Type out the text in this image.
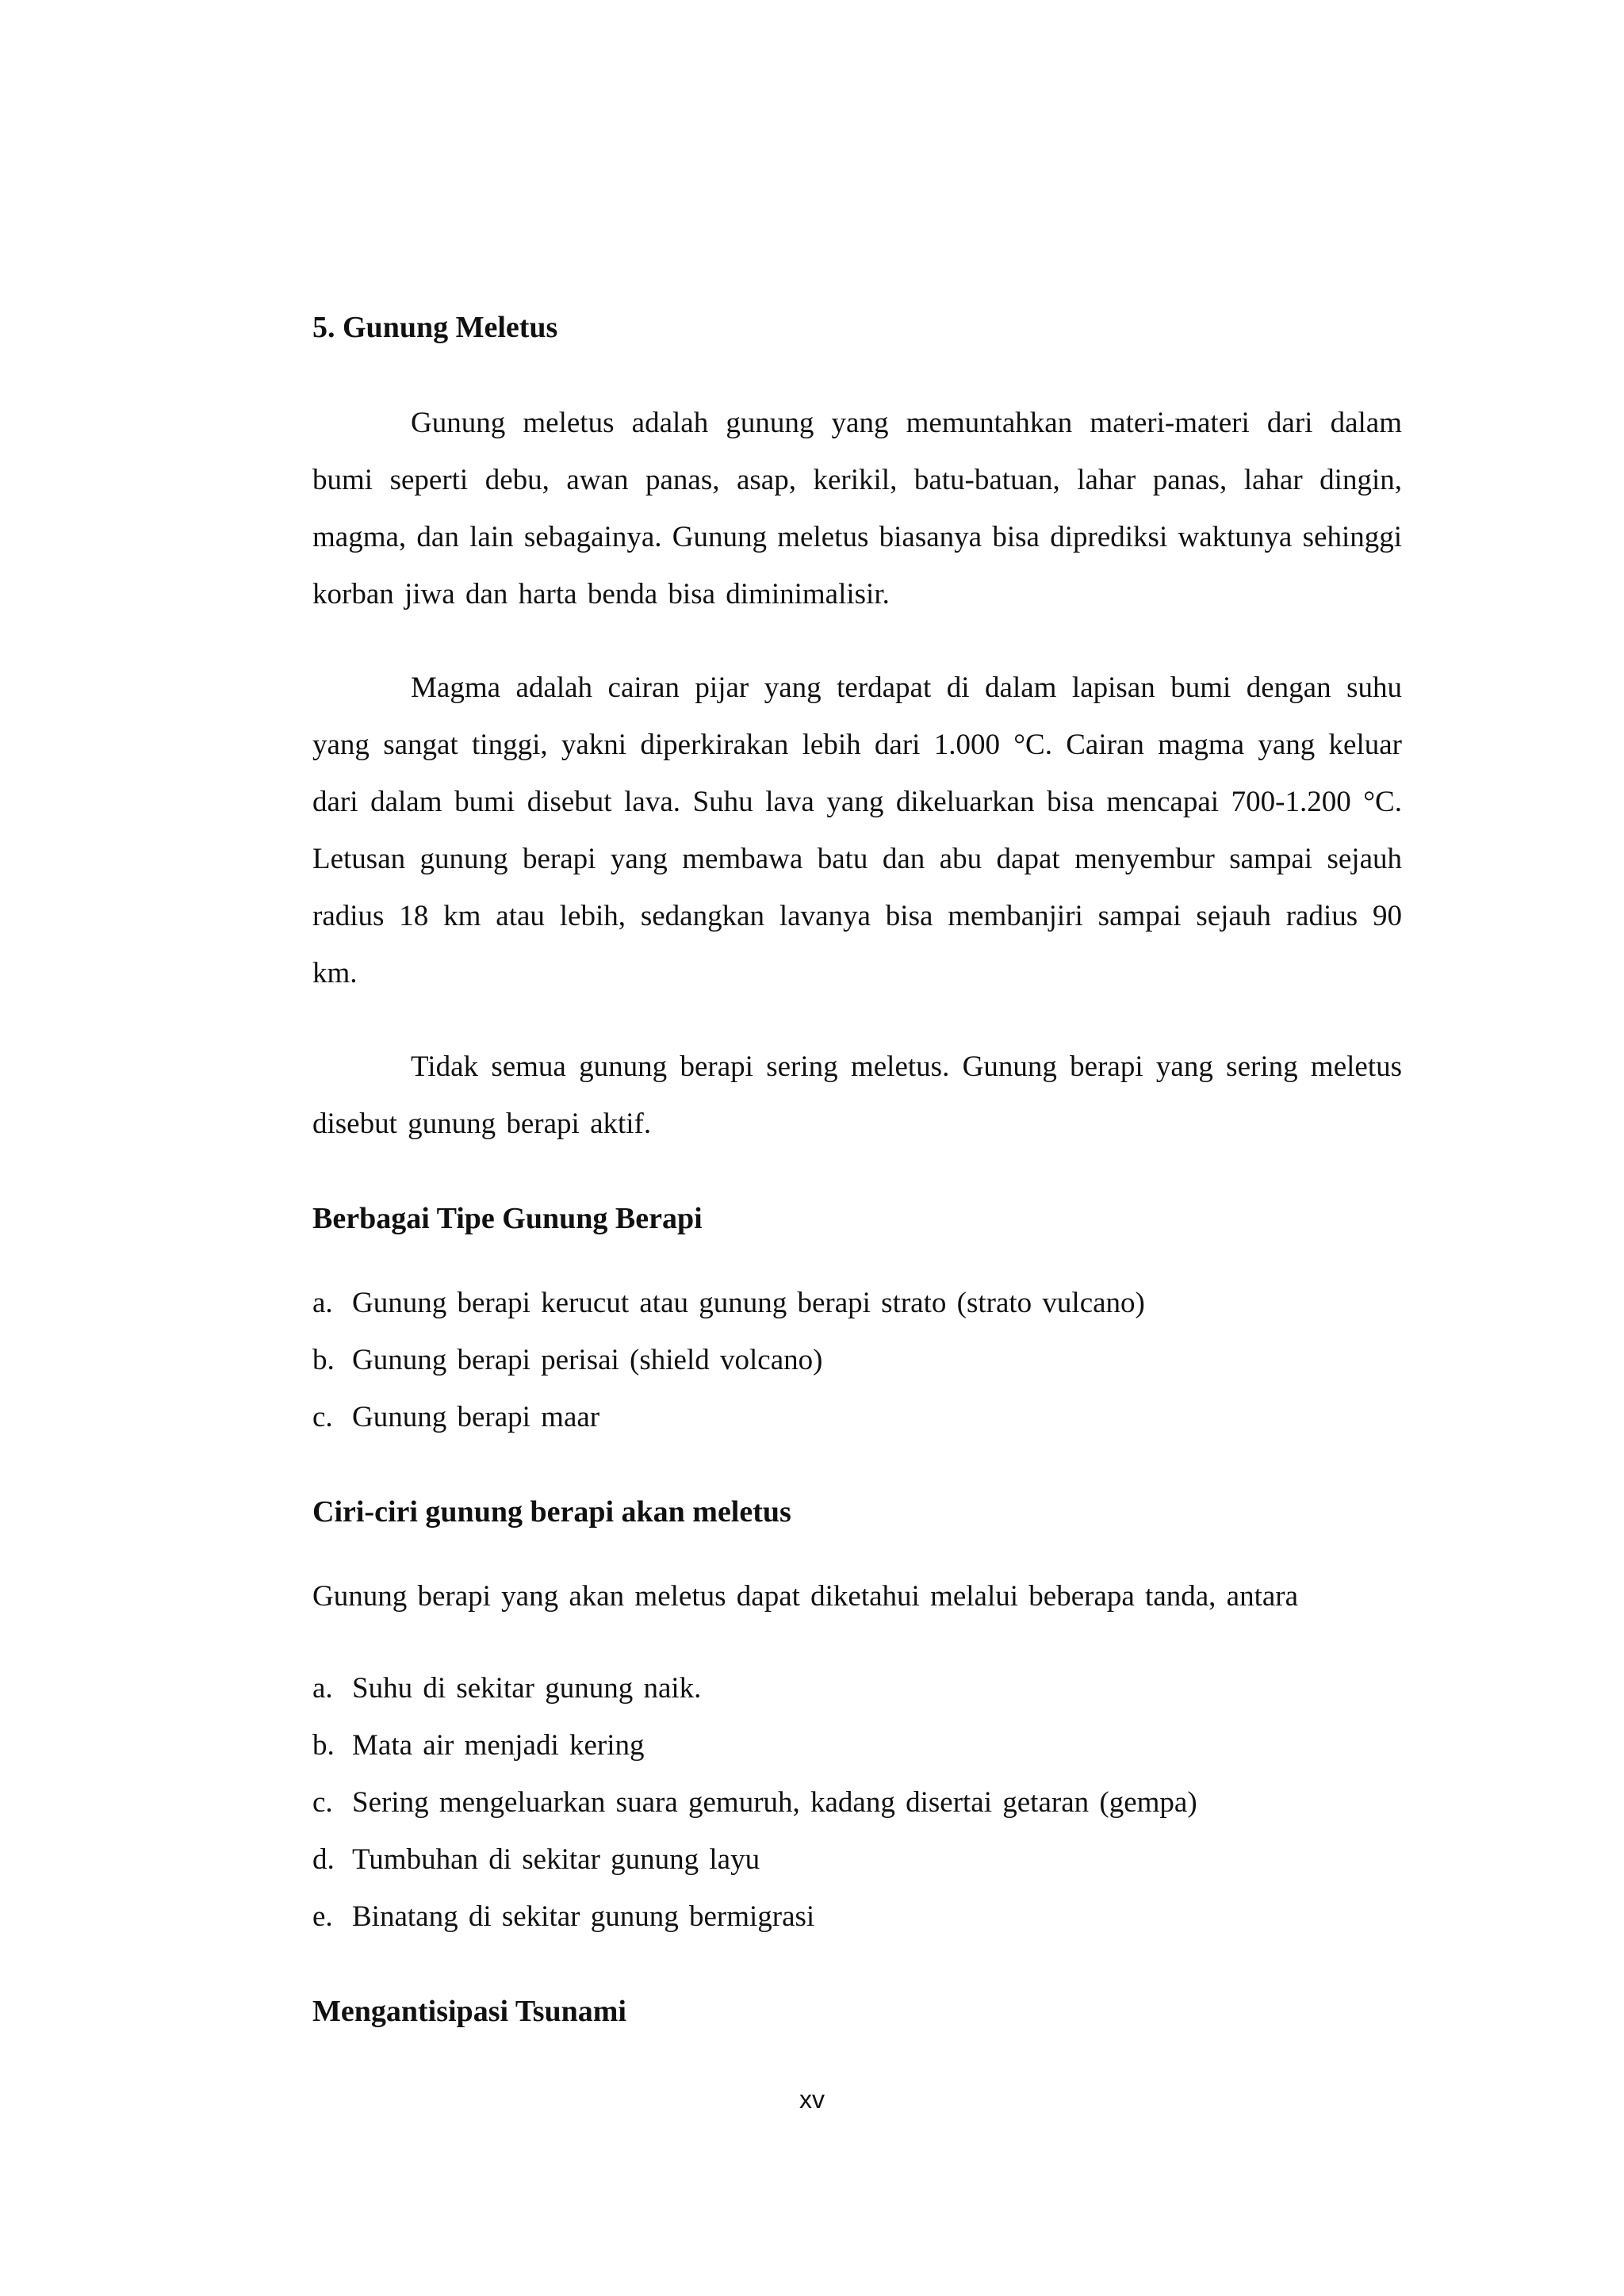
5. Gunung Meletus

Gunung meletus adalah gunung yang memuntahkan materi-materi dari dalam bumi seperti debu, awan panas, asap, kerikil, batu-batuan, lahar panas, lahar dingin, magma, dan lain sebagainya. Gunung meletus biasanya bisa diprediksi waktunya sehinggi korban jiwa dan harta benda bisa diminimalisir.

Magma adalah cairan pijar yang terdapat di dalam lapisan bumi dengan suhu yang sangat tinggi, yakni diperkirakan lebih dari 1.000 °C. Cairan magma yang keluar dari dalam bumi disebut lava. Suhu lava yang dikeluarkan bisa mencapai 700-1.200 °C. Letusan gunung berapi yang membawa batu dan abu dapat menyembur sampai sejauh radius 18 km atau lebih, sedangkan lavanya bisa membanjiri sampai sejauh radius 90 km.

Tidak semua gunung berapi sering meletus. Gunung berapi yang sering meletus disebut gunung berapi aktif.

Berbagai Tipe Gunung Berapi
a. Gunung berapi kerucut atau gunung berapi strato (strato vulcano)
b. Gunung berapi perisai (shield volcano)
c. Gunung berapi maar
Ciri-ciri gunung berapi akan meletus

Gunung berapi yang akan meletus dapat diketahui melalui beberapa tanda, antara

a. Suhu di sekitar gunung naik.
b. Mata air menjadi kering
c. Sering mengeluarkan suara gemuruh, kadang disertai getaran (gempa)
d. Tumbuhan di sekitar gunung layu
e. Binatang di sekitar gunung bermigrasi
Mengantisipasi Tsunami
xv
